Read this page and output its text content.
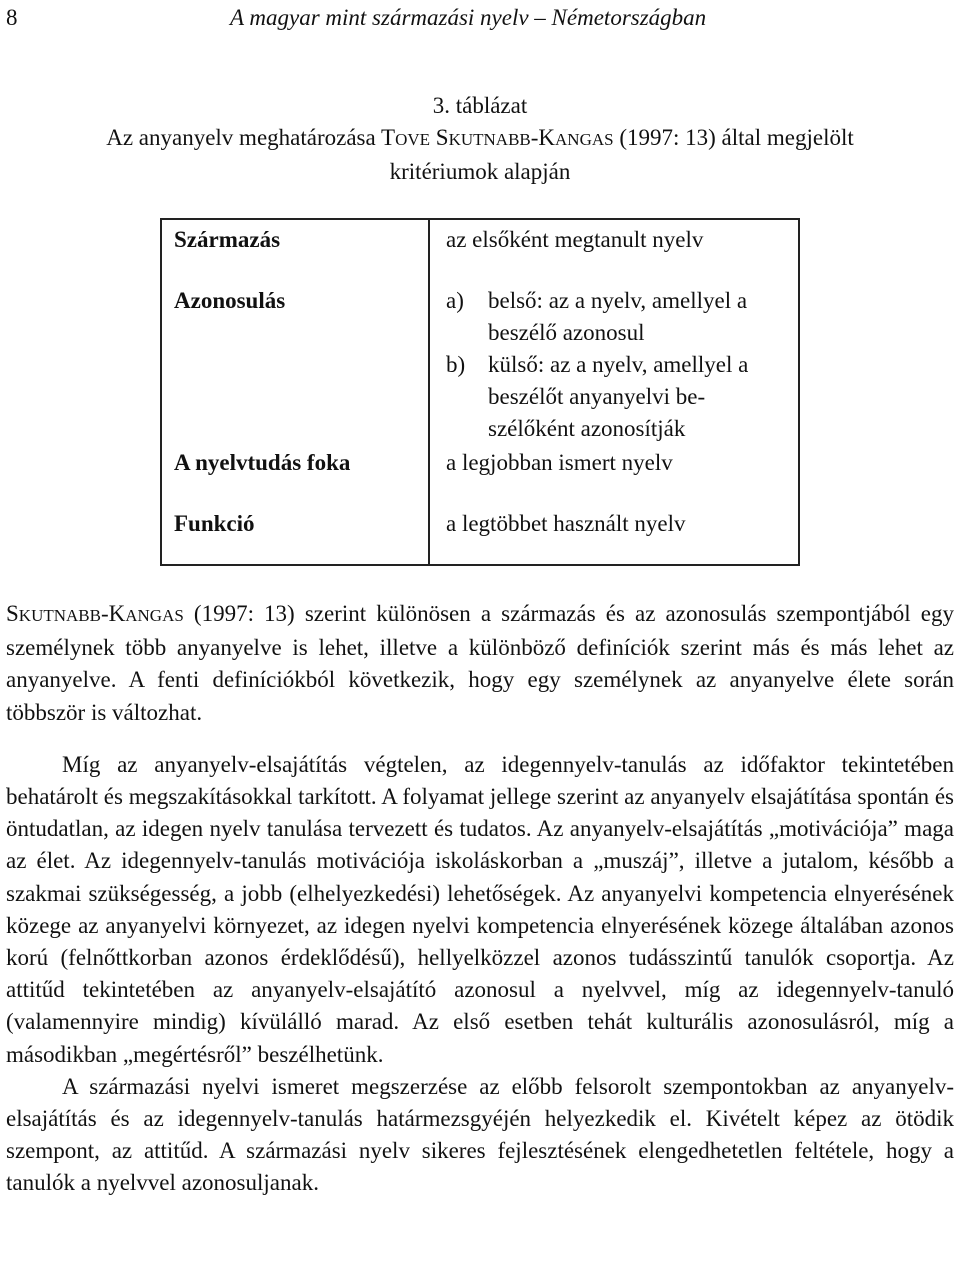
8	A magyar mint származási nyelv – Németországban
3. táblázat
Az anyanyelv meghatározása TOVE SKUTNABB-KANGAS (1997: 13) által megjelölt
kritériumok alapján
Származás	az elsőként megtanult nyelv
Azonosulás	a) belső: az a nyelv, amellyel a beszélő azonosul
b) külső: az a nyelv, amellyel a beszélőt anyanyelvi be-szélőként azonosítják
A nyelvtudás foka	a legjobban ismert nyelv
Funkció	a legtöbbet használt nyelv

SKUTNABB-KANGAS (1997: 13) szerint különösen a származás és az azonosulás szempontjából egy személynek több anyanyelve is lehet, illetve a különböző definíciók szerint más és más lehet az anyanyelve. A fenti definíciókból következik, hogy egy személynek az anyanyelve élete során többször is változhat.

Míg az anyanyelv-elsajátítás végtelen, az idegennyelv-tanulás az időfaktor tekintetében behatárolt és megszakításokkal tarkított. A folyamat jellege szerint az anyanyelv elsajátítása spontán és öntudatlan, az idegen nyelv tanulása tervezett és tudatos. Az anyanyelv-elsajátítás „motivációja” maga az élet. Az idegennyelv-tanulás motivációja iskoláskorban a „muszáj”, illetve a jutalom, később a szakmai szükségesség, a jobb (elhelyezkedési) lehetőségek. Az anyanyelvi kompetencia elnyerésének közege az anyanyelvi környezet, az idegen nyelvi kompetencia elnyerésének közege általában azonos korú (felnőttkorban azonos érdeklődésű), hellyelközzel azonos tudásszintű tanulók csoportja. Az attitűd tekintetében az anyanyelv-elsajátító azonosul a nyelvvel, míg az idegennyelv-tanuló (valamennyire mindig) kívülálló marad. Az első esetben tehát kulturális azonosulásról, míg a másodikban „megértésről” beszélhetünk.

A származási nyelvi ismeret megszerzése az előbb felsorolt szempontokban az anyanyelv-elsajátítás és az idegennyelv-tanulás határmezsgyéjén helyezkedik el. Kivételt képez az ötödik szempont, az attitűd. A származási nyelv sikeres fejlesztésének elengedhetetlen feltétele, hogy a tanulók a nyelvvel azonosuljanak.
